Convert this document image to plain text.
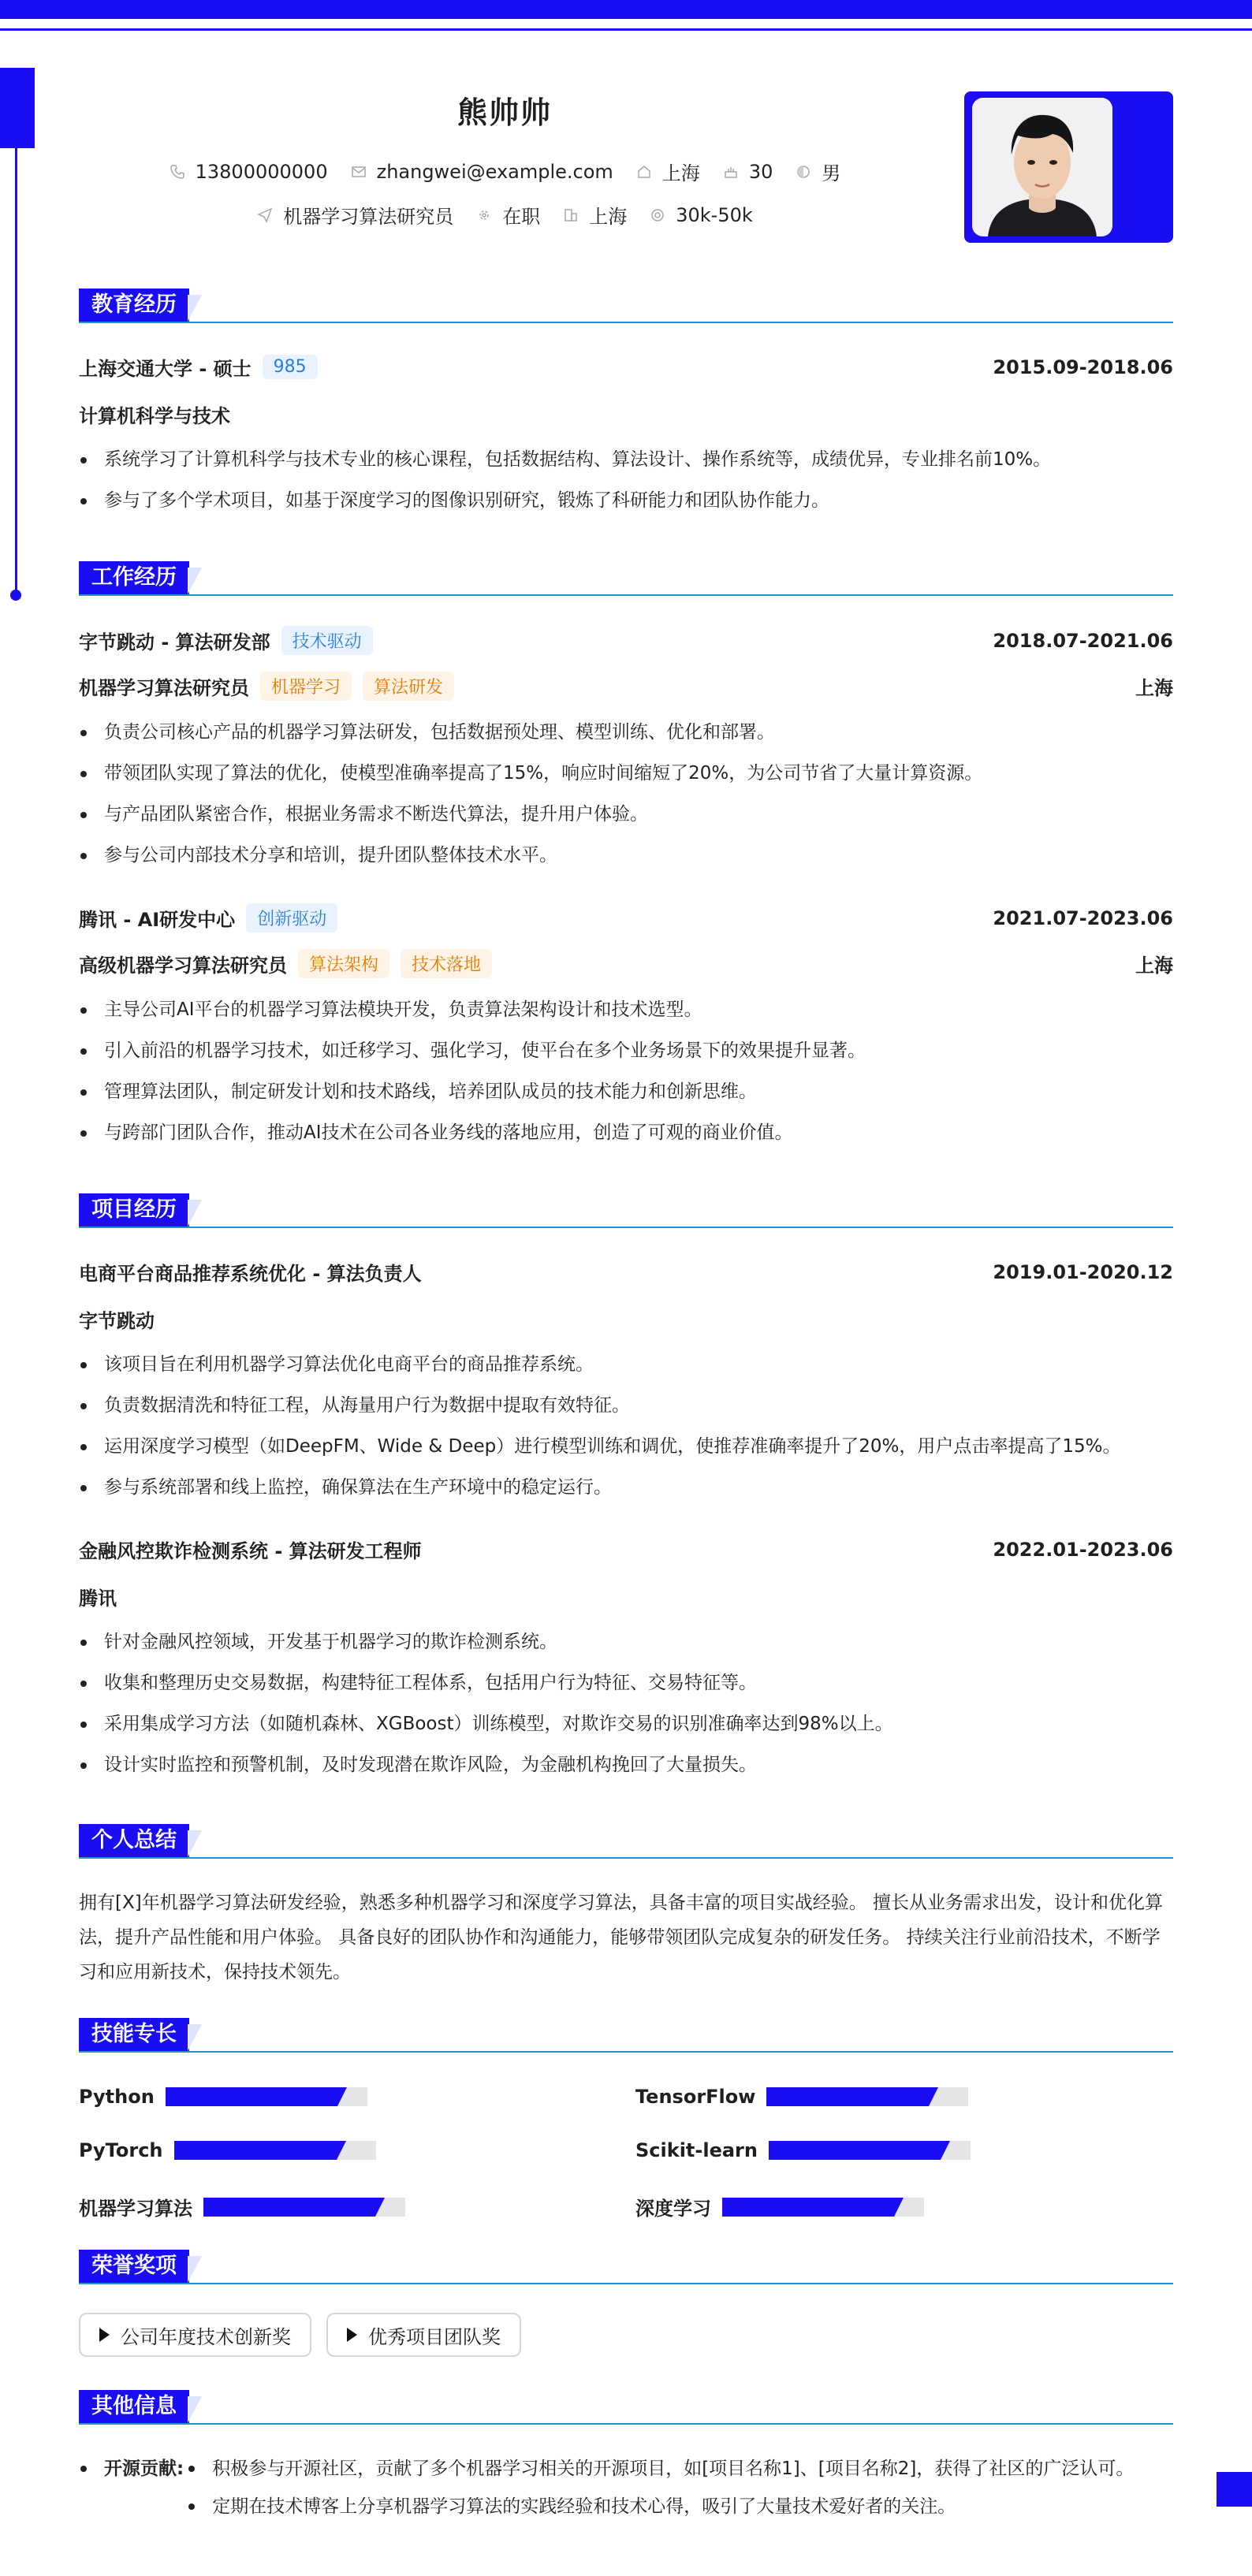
熊帅帅
13800000000	zhangwei@example.com	上海	30	男
机器学习算法研究员	在职	上海	30k-50k
教育经历
上海交通大学 - 硕士	985	2015.09-2018.06
计算机科学与技术
系统学习了计算机科学与技术专业的核心课程，包括数据结构、算法设计、操作系统等，成绩优异，专业排名前10%。
参与了多个学术项目，如基于深度学习的图像识别研究，锻炼了科研能力和团队协作能力。
工作经历
字节跳动 - 算法研发部	技术驱动	2018.07-2021.06
机器学习算法研究员	机器学习	算法研发	上海
负责公司核心产品的机器学习算法研发，包括数据预处理、模型训练、优化和部署。
带领团队实现了算法的优化，使模型准确率提高了15%，响应时间缩短了20%，为公司节省了大量计算资源。
与产品团队紧密合作，根据业务需求不断迭代算法，提升用户体验。
参与公司内部技术分享和培训，提升团队整体技术水平。
腾讯 - AI研发中心	创新驱动	2021.07-2023.06
高级机器学习算法研究员	算法架构	技术落地	上海
主导公司AI平台的机器学习算法模块开发，负责算法架构设计和技术选型。
引入前沿的机器学习技术，如迁移学习、强化学习，使平台在多个业务场景下的效果提升显著。
管理算法团队，制定研发计划和技术路线，培养团队成员的技术能力和创新思维。
与跨部门团队合作，推动AI技术在公司各业务线的落地应用，创造了可观的商业价值。
项目经历
电商平台商品推荐系统优化 - 算法负责人	2019.01-2020.12
字节跳动
该项目旨在利用机器学习算法优化电商平台的商品推荐系统。
负责数据清洗和特征工程，从海量用户行为数据中提取有效特征。
运用深度学习模型（如DeepFM、Wide & Deep）进行模型训练和调优，使推荐准确率提升了20%，用户点击率提高了15%。
参与系统部署和线上监控，确保算法在生产环境中的稳定运行。
金融风控欺诈检测系统 - 算法研发工程师	2022.01-2023.06
腾讯
针对金融风控领域，开发基于机器学习的欺诈检测系统。
收集和整理历史交易数据，构建特征工程体系，包括用户行为特征、交易特征等。
采用集成学习方法（如随机森林、XGBoost）训练模型，对欺诈交易的识别准确率达到98%以上。
设计实时监控和预警机制，及时发现潜在欺诈风险，为金融机构挽回了大量损失。
个人总结
拥有[X]年机器学习算法研发经验，熟悉多种机器学习和深度学习算法，具备丰富的项目实战经验。 擅长从业务需求出发，设计和优化算法，提升产品性能和用户体验。 具备良好的团队协作和沟通能力，能够带领团队完成复杂的研发任务。 持续关注行业前沿技术，不断学习和应用新技术，保持技术领先。
技能专长
Python	TensorFlow
PyTorch	Scikit-learn
机器学习算法	深度学习
荣誉奖项
公司年度技术创新奖	优秀项目团队奖
其他信息
开源贡献:	积极参与开源社区，贡献了多个机器学习相关的开源项目，如[项目名称1]、[项目名称2]，获得了社区的广泛认可。
定期在技术博客上分享机器学习算法的实践经验和技术心得，吸引了大量技术爱好者的关注。
